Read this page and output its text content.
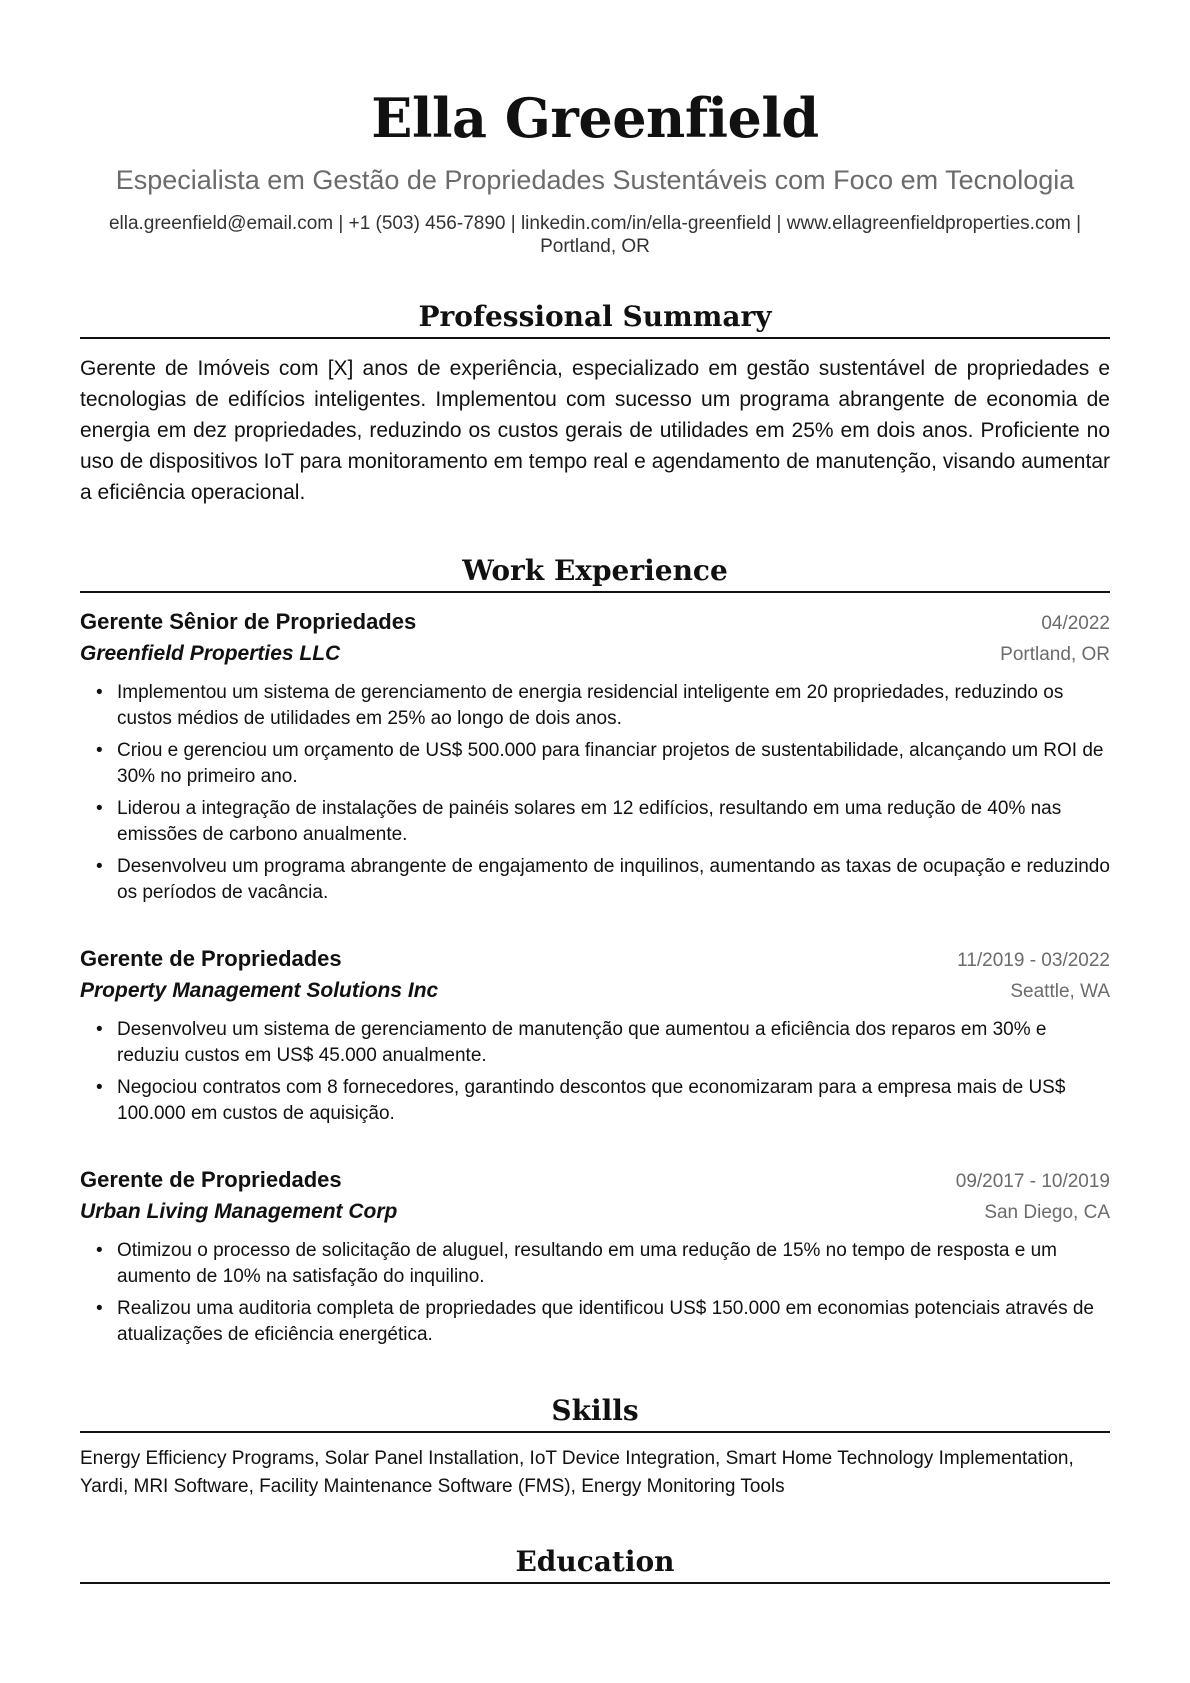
Ella Greenfield
Especialista em Gestão de Propriedades Sustentáveis com Foco em Tecnologia
ella.greenfield@email.com | +1 (503) 456-7890 | linkedin.com/in/ella-greenfield | www.ellagreenfieldproperties.com |
Portland, OR
Professional Summary
Gerente de Imóveis com [X] anos de experiência, especializado em gestão sustentável de propriedades e tecnologias de edifícios inteligentes. Implementou com sucesso um programa abrangente de economia de energia em dez propriedades, reduzindo os custos gerais de utilidades em 25% em dois anos. Proficiente no uso de dispositivos IoT para monitoramento em tempo real e agendamento de manutenção, visando aumentar a eficiência operacional.
Work Experience
Gerente Sênior de Propriedades	04/2022
Greenfield Properties LLC	Portland, OR
• Implementou um sistema de gerenciamento de energia residencial inteligente em 20 propriedades, reduzindo os custos médios de utilidades em 25% ao longo de dois anos.
• Criou e gerenciou um orçamento de US$ 500.000 para financiar projetos de sustentabilidade, alcançando um ROI de 30% no primeiro ano.
• Liderou a integração de instalações de painéis solares em 12 edifícios, resultando em uma redução de 40% nas emissões de carbono anualmente.
• Desenvolveu um programa abrangente de engajamento de inquilinos, aumentando as taxas de ocupação e reduzindo os períodos de vacância.
Gerente de Propriedades	11/2019 - 03/2022
Property Management Solutions Inc	Seattle, WA
• Desenvolveu um sistema de gerenciamento de manutenção que aumentou a eficiência dos reparos em 30% e reduziu custos em US$ 45.000 anualmente.
• Negociou contratos com 8 fornecedores, garantindo descontos que economizaram para a empresa mais de US$ 100.000 em custos de aquisição.
Gerente de Propriedades	09/2017 - 10/2019
Urban Living Management Corp	San Diego, CA
• Otimizou o processo de solicitação de aluguel, resultando em uma redução de 15% no tempo de resposta e um aumento de 10% na satisfação do inquilino.
• Realizou uma auditoria completa de propriedades que identificou US$ 150.000 em economias potenciais através de atualizações de eficiência energética.
Skills
Energy Efficiency Programs, Solar Panel Installation, IoT Device Integration, Smart Home Technology Implementation, Yardi, MRI Software, Facility Maintenance Software (FMS), Energy Monitoring Tools
Education
